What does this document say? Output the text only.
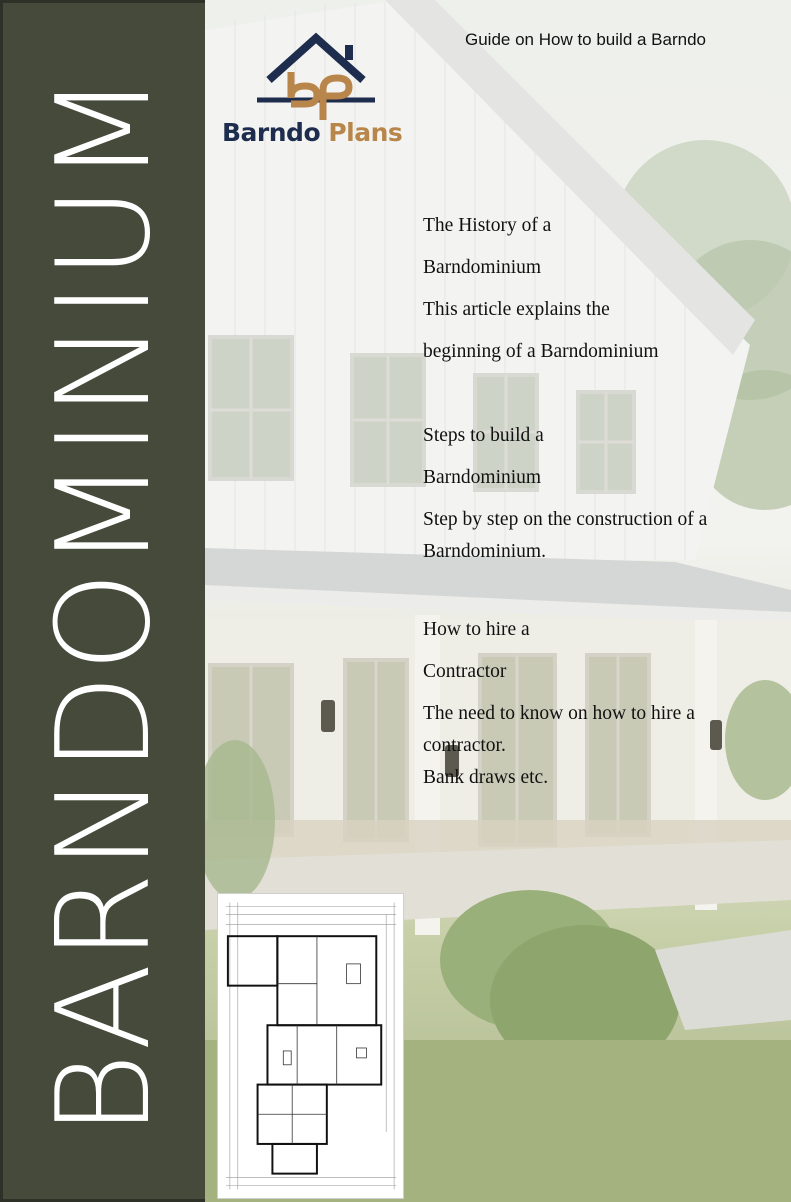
BARNDOMINIUM Barndo Plans
Guide on How to build a Barndo

The History of a

Barndominium

This article explains the

beginning of a Barndominium

Steps to build a

Barndominium

Step by step on the construction of a

Barndominium.

How to hire a

Contractor

The need to know on how to hire a

contractor.

Bank draws etc.
